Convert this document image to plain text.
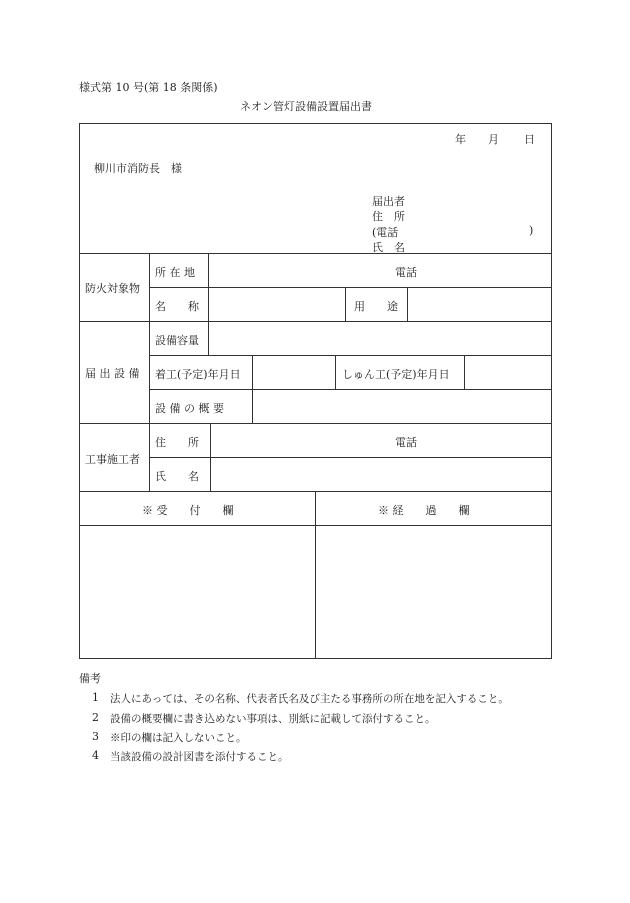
様式第 10 号(第 18 条関係)
ネオン管灯設備設置届出書
年 月 日
柳川市消防長　様
届出者
住　所
(電話	)
氏　名
防火対象物
所 在 地	電話
名　　称	用　　途
届 出 設 備
設備容量
着工(予定)年月日	しゅん工(予定)年月日
設 備 の 概 要
工事施工者
住　　所	電話
氏　　名
※ 受　　付　　欄	※ 経　　過　　欄
備考
1 法人にあっては、その名称、代表者氏名及び主たる事務所の所在地を記入すること。
2 設備の概要欄に書き込めない事項は、別紙に記載して添付すること。
3 ※印の欄は記入しないこと。
4 当該設備の設計図書を添付すること。
